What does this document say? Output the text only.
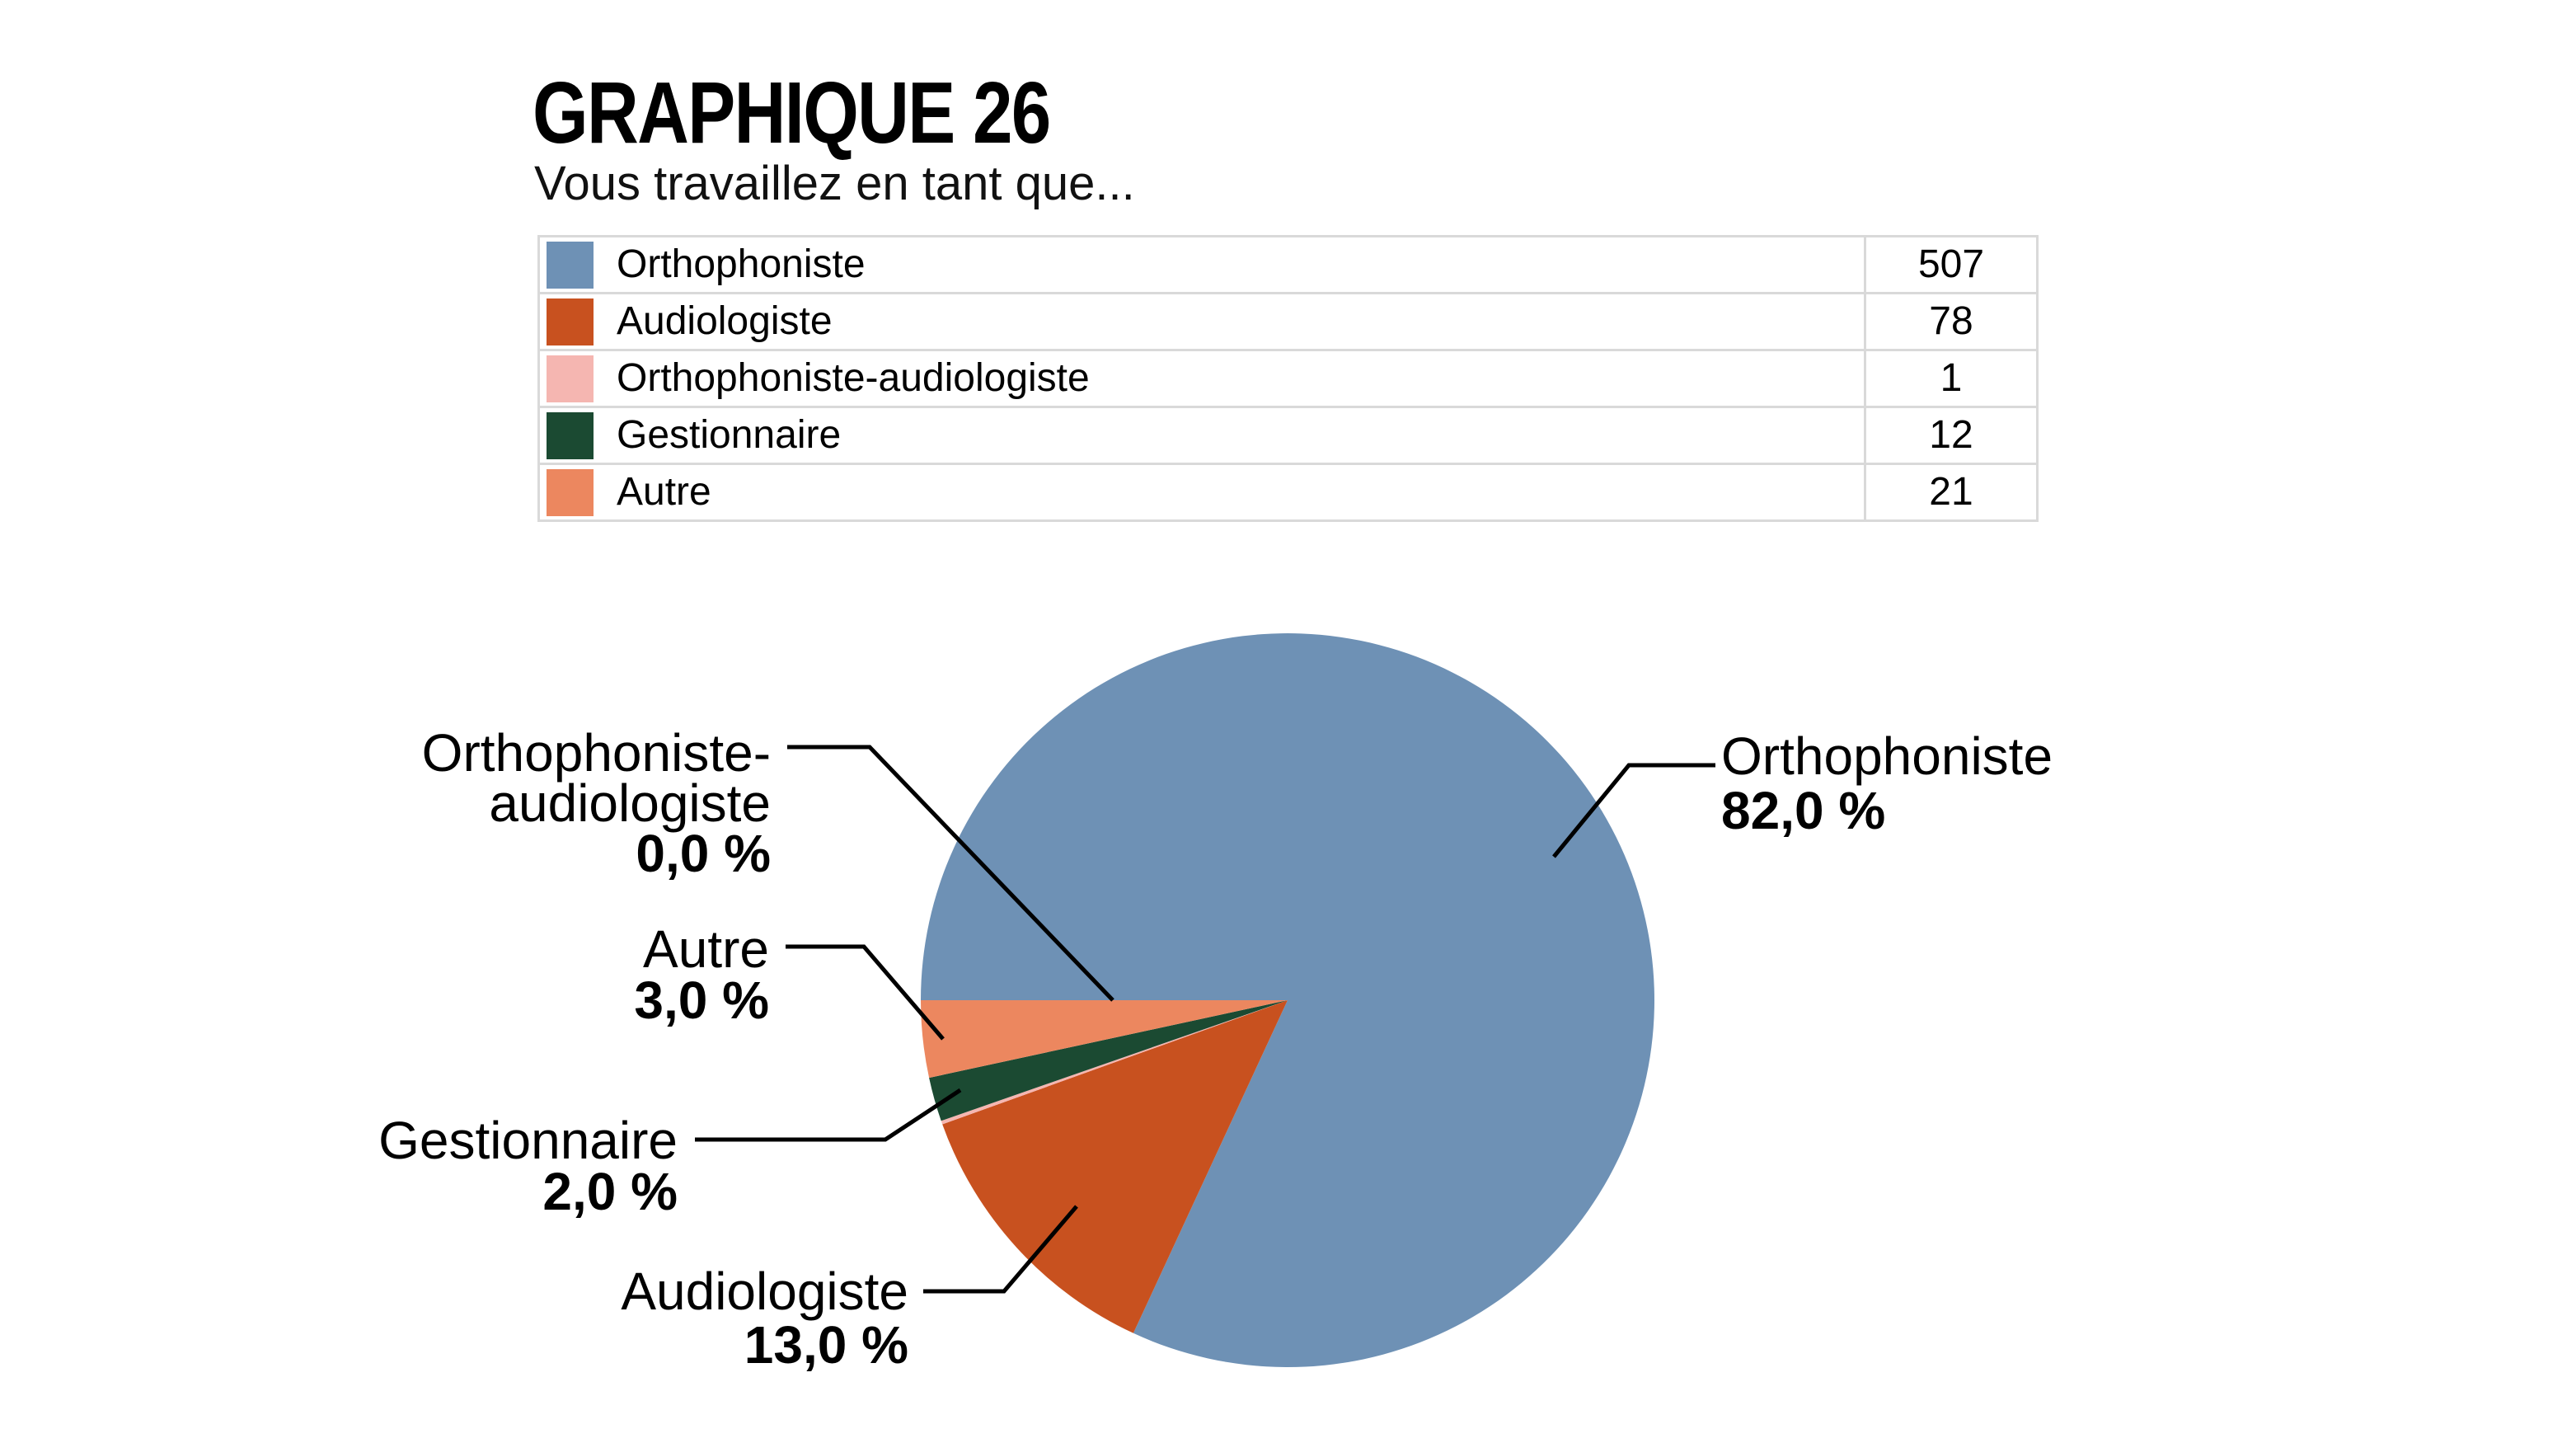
GRAPHIQUE 26
Vous travaillez en tant que...
Orthophoniste	507
Audiologiste	78
Orthophoniste-audiologiste	1
Gestionnaire	12
Autre	21
Orthophoniste-
audiologiste
0,0 %
Autre
3,0 %
Gestionnaire
2,0 %
Audiologiste
13,0 %
Orthophoniste
82,0 %
